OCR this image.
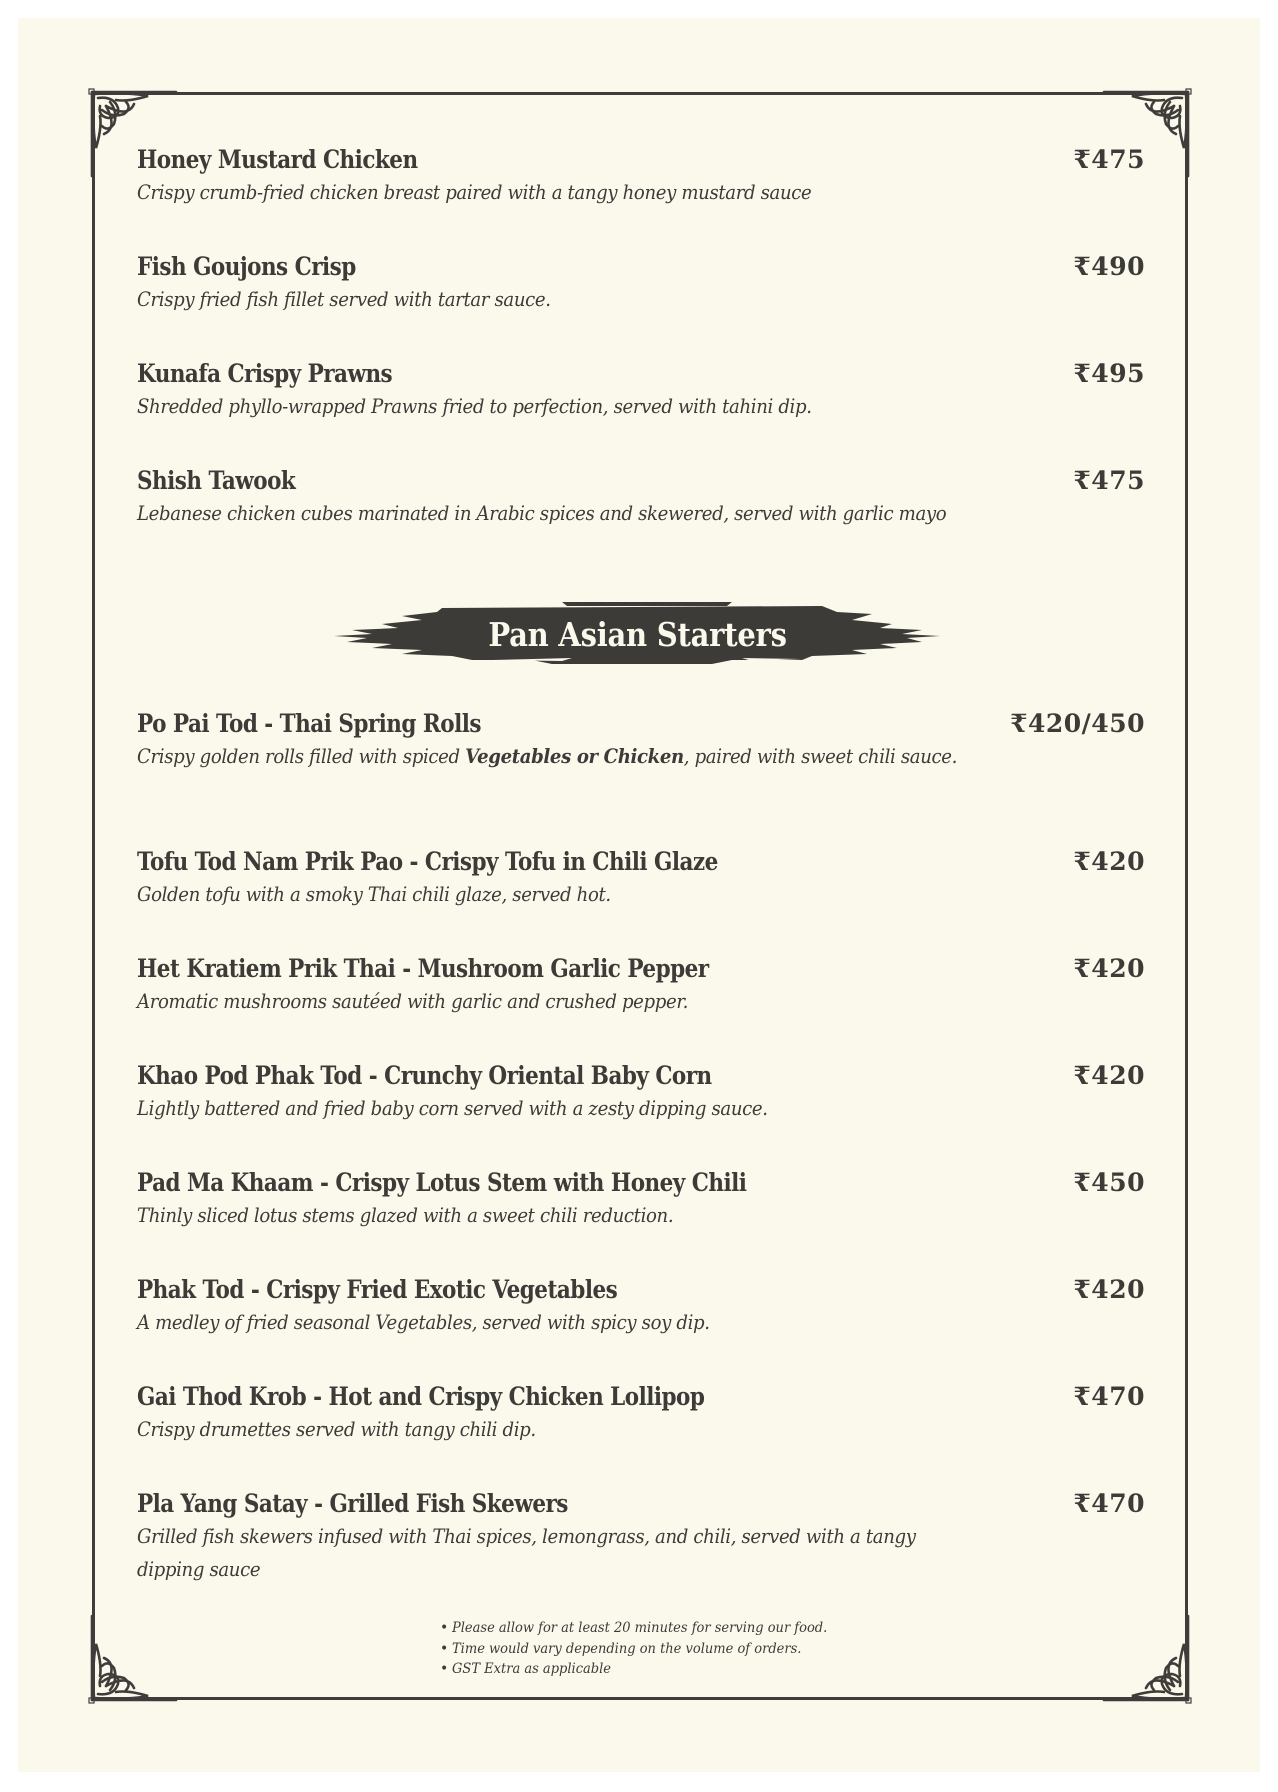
Honey Mustard Chicken	₹475
Crispy crumb-fried chicken breast paired with a tangy honey mustard sauce
Fish Goujons Crisp	₹490
Crispy fried fish fillet served with tartar sauce.
Kunafa Crispy Prawns	₹495
Shredded phyllo-wrapped Prawns fried to perfection, served with tahini dip.
Shish Tawook	₹475
Lebanese chicken cubes marinated in Arabic spices and skewered, served with garlic mayo
Pan Asian Starters
Po Pai Tod - Thai Spring Rolls	₹420/450
Crispy golden rolls filled with spiced Vegetables or Chicken, paired with sweet chili sauce.
Tofu Tod Nam Prik Pao - Crispy Tofu in Chili Glaze	₹420
Golden tofu with a smoky Thai chili glaze, served hot.
Het Kratiem Prik Thai - Mushroom Garlic Pepper	₹420
Aromatic mushrooms sautéed with garlic and crushed pepper.
Khao Pod Phak Tod - Crunchy Oriental Baby Corn	₹420
Lightly battered and fried baby corn served with a zesty dipping sauce.
Pad Ma Khaam - Crispy Lotus Stem with Honey Chili	₹450
Thinly sliced lotus stems glazed with a sweet chili reduction.
Phak Tod - Crispy Fried Exotic Vegetables	₹420
A medley of fried seasonal Vegetables, served with spicy soy dip.
Gai Thod Krob - Hot and Crispy Chicken Lollipop	₹470
Crispy drumettes served with tangy chili dip.
Pla Yang Satay - Grilled Fish Skewers	₹470
Grilled fish skewers infused with Thai spices, lemongrass, and chili, served with a tangy dipping sauce
• Please allow for at least 20 minutes for serving our food.
• Time would vary depending on the volume of orders.
• GST Extra as applicable
